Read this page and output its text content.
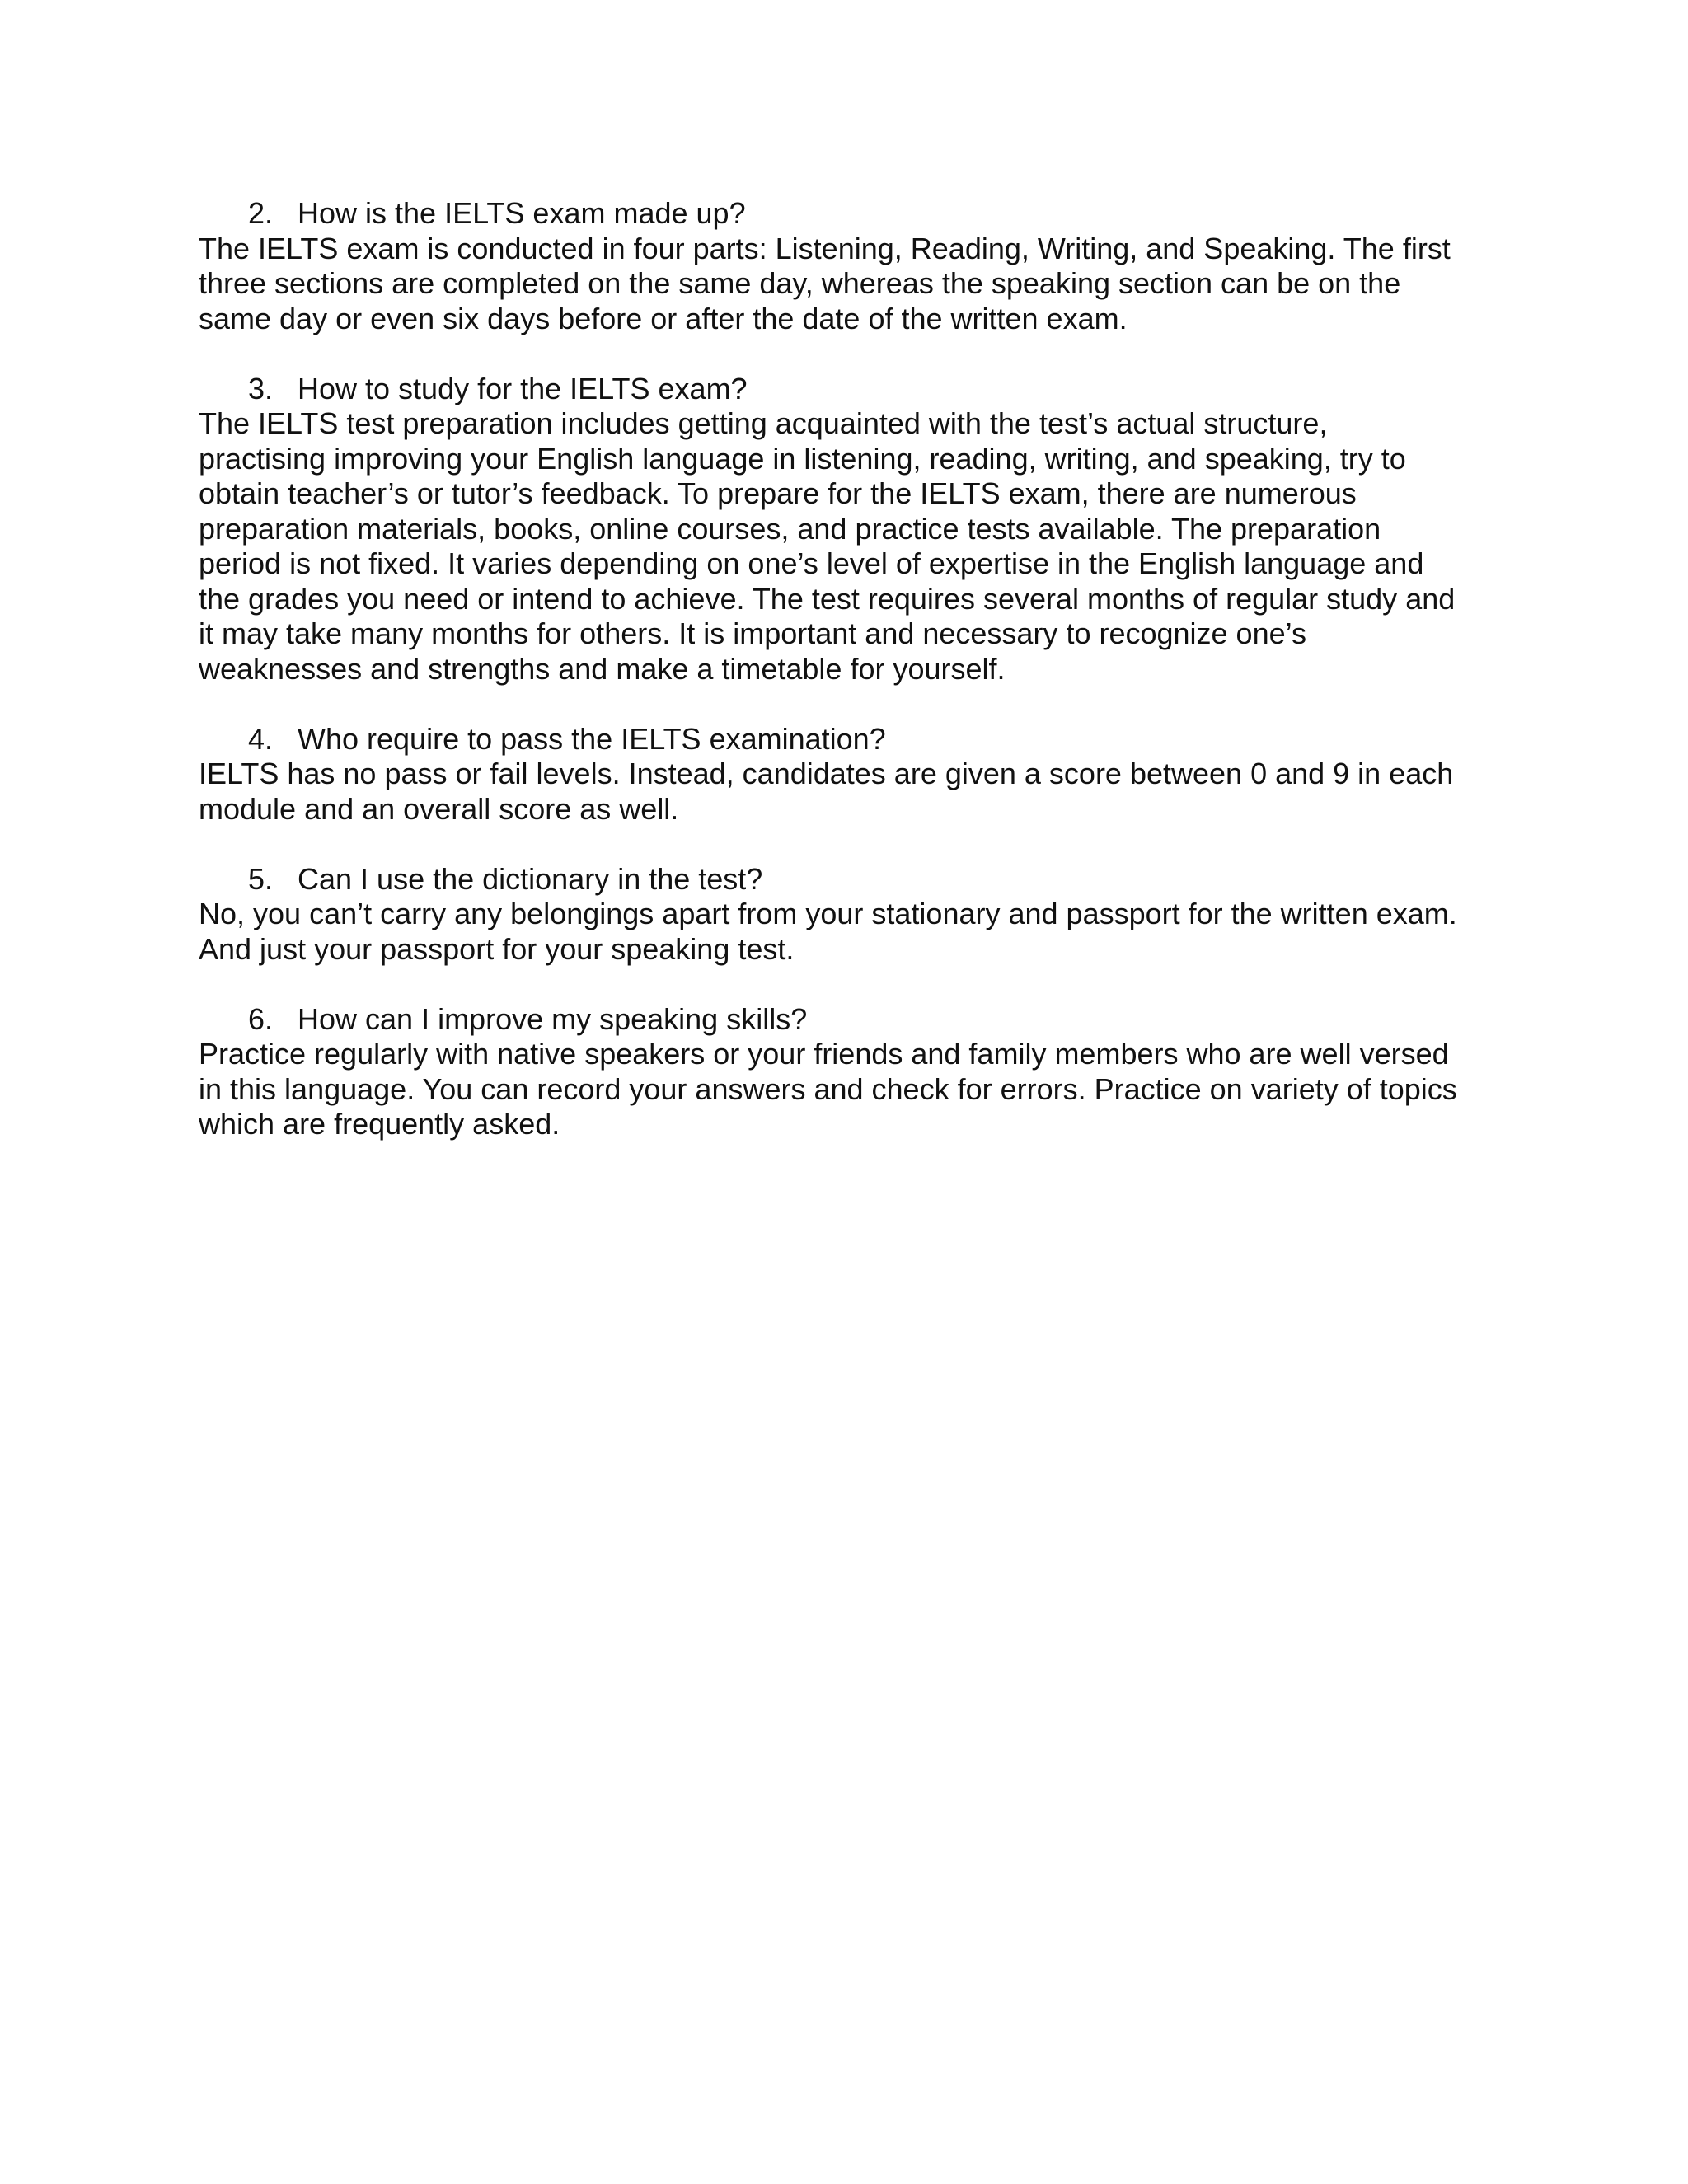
2. How is the IELTS exam made up?

The IELTS exam is conducted in four parts: Listening, Reading, Writing, and Speaking. The first
three sections are completed on the same day, whereas the speaking section can be on the
same day or even six days before or after the date of the written exam.

3. How to study for the IELTS exam?

The IELTS test preparation includes getting acquainted with the test’s actual structure,
practising improving your English language in listening, reading, writing, and speaking, try to
obtain teacher’s or tutor’s feedback. To prepare for the IELTS exam, there are numerous
preparation materials, books, online courses, and practice tests available. The preparation
period is not fixed. It varies depending on one’s level of expertise in the English language and
the grades you need or intend to achieve. The test requires several months of regular study and
it may take many months for others. It is important and necessary to recognize one’s
weaknesses and strengths and make a timetable for yourself.

4. Who require to pass the IELTS examination?

IELTS has no pass or fail levels. Instead, candidates are given a score between 0 and 9 in each
module and an overall score as well.

5. Can I use the dictionary in the test?

No, you can’t carry any belongings apart from your stationary and passport for the written exam.
And just your passport for your speaking test.

6. How can I improve my speaking skills?

Practice regularly with native speakers or your friends and family members who are well versed
in this language. You can record your answers and check for errors. Practice on variety of topics
which are frequently asked.
